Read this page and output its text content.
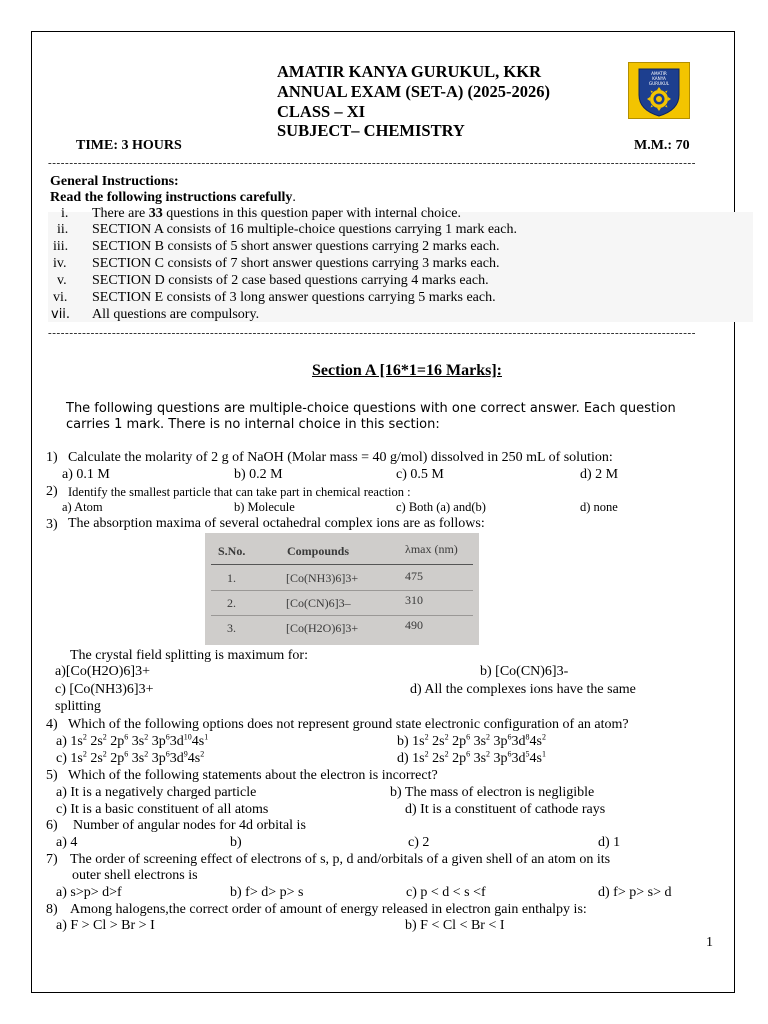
AMATIR KANYA GURUKUL, KKR
ANNUAL EXAM (SET-A) (2025-2026)
CLASS – XI
SUBJECT– CHEMISTRY
AMATIR
KANYA
GURUKUL
TIME: 3 HOURS	M.M.: 70
--------------------------------------------------------------------------------------------------------------------------------------------------------
General Instructions:
Read the following instructions carefully.
i. There are 33 questions in this question paper with internal choice.
ii. SECTION A consists of 16 multiple-choice questions carrying 1 mark each.
iii. SECTION B consists of 5 short answer questions carrying 2 marks each.
iv. SECTION C consists of 7 short answer questions carrying 3 marks each.
v. SECTION D consists of 2 case based questions carrying 4 marks each.
vi. SECTION E consists of 3 long answer questions carrying 5 marks each.
vii. All questions are compulsory.
--------------------------------------------------------------------------------------------------------------------------------------------------------
Section A [16*1=16 Marks]:
The following questions are multiple-choice questions with one correct answer. Each question
carries 1 mark. There is no internal choice in this section:
1) Calculate the molarity of 2 g of NaOH (Molar mass = 40 g/mol) dissolved in 250 mL of solution:
a) 0.1 M	b) 0.2 M	c) 0.5 M	d) 2 M
2) Identify the smallest particle that can take part in chemical reaction :
a) Atom	b) Molecule	c) Both (a) and(b)	d) none
3) The absorption maxima of several octahedral complex ions are as follows:
S.No.	Compounds	λmax (nm)
1.	[Co(NH3)6]3+	475
2.	[Co(CN)6]3–	310
3.	[Co(H2O)6]3+	490
The crystal field splitting is maximum for:
a)[Co(H2O)6]3+	b) [Co(CN)6]3-
c) [Co(NH3)6]3+	d) All the complexes ions have the same
splitting
4) Which of the following options does not represent ground state electronic configuration of an atom?
a) $1s^2$ $2s^2$ $2p^6$ $3s^2$ $3p^63d^{10}4s^1$	b) $1s^2$ $2s^2$ $2p^6$ $3s^2$ $3p^63d^84s^2$
c) $1s^2$ $2s^2$ $2p^6$ $3s^2$ $3p^63d^94s^2$	d) $1s^2$ $2s^2$ $2p^6$ $3s^2$ $3p^63d^54s^1$
5) Which of the following statements about the electron is incorrect?
a) It is a negatively charged particle	b) The mass of electron is negligible
c) It is a basic constituent of all atoms	d) It is a constituent of cathode rays
6) Number of angular nodes for 4d orbital is
a) 4	b)	c) 2	d) 1
7) The order of screening effect of electrons of s, p, d and/orbitals of a given shell of an atom on its
outer shell electrons is
a) s>p> d>f	b) f> d> p> s	c) p < d < s <f	d) f> p> s> d
8) Among halogens,the correct order of amount of energy released in electron gain enthalpy is:
a) F > Cl > Br > I	b) F < Cl < Br < I
1
